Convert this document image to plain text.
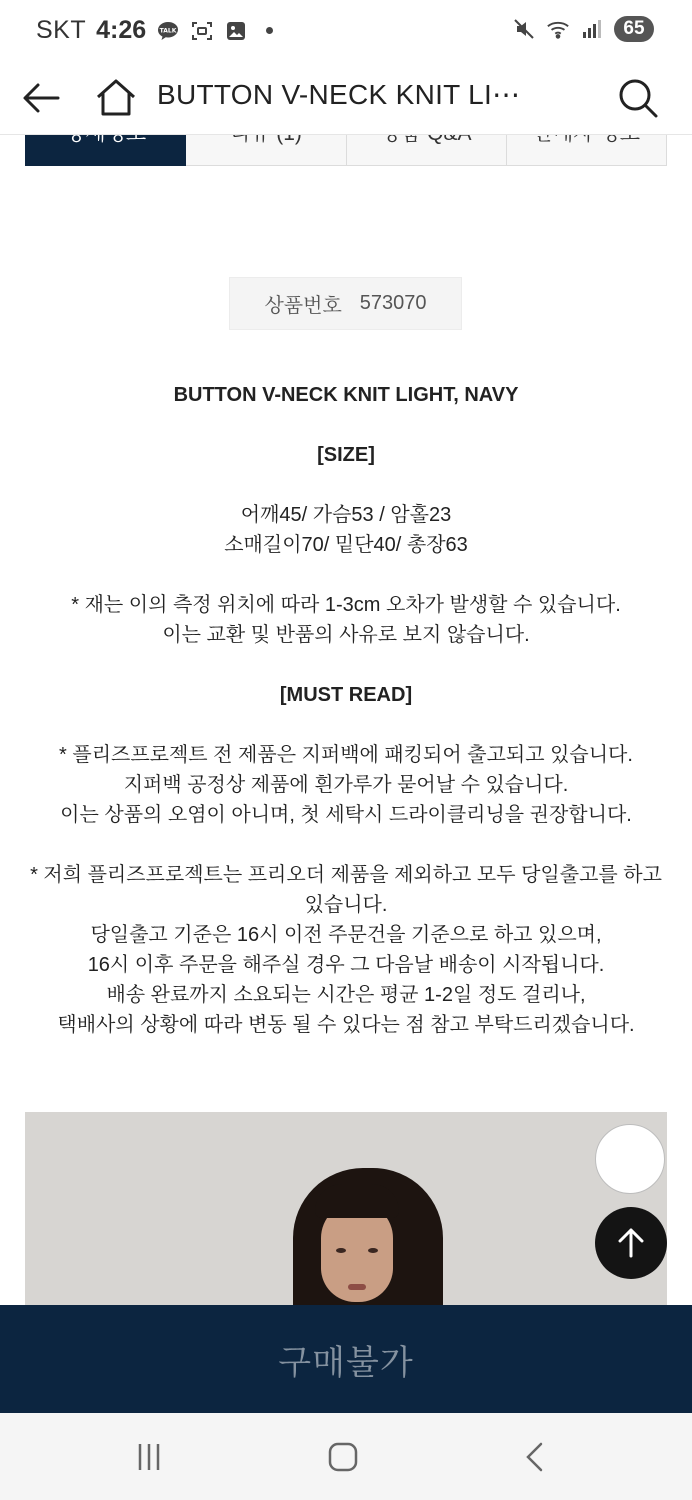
SKT 4:26 TALK	65
BUTTON V-NECK KNIT LI⋯
상품번호 573070
BUTTON V-NECK KNIT LIGHT, NAVY
[SIZE]
어깨45/ 가슴53 / 암홀23
소매길이70/ 밑단40/ 총장63
* 재는 이의 측정 위치에 따라 1-3cm 오차가 발생할 수 있습니다.
이는 교환 및 반품의 사유로 보지 않습니다.
[MUST READ]
* 플리즈프로젝트 전 제품은 지퍼백에 패킹되어 출고되고 있습니다.
지퍼백 공정상 제품에 흰가루가 묻어날 수 있습니다.
이는 상품의 오염이 아니며, 첫 세탁시 드라이클리닝을 권장합니다.
* 저희 플리즈프로젝트는 프리오더 제품을 제외하고 모두 당일출고를 하고 있습니다.
당일출고 기준은 16시 이전 주문건을 기준으로 하고 있으며,
16시 이후 주문을 해주실 경우 그 다음날 배송이 시작됩니다.
배송 완료까지 소요되는 시간은 평균 1-2일 정도 걸리나,
택배사의 상황에 따라 변동 될 수 있다는 점 참고 부탁드리겠습니다.
구매불가
